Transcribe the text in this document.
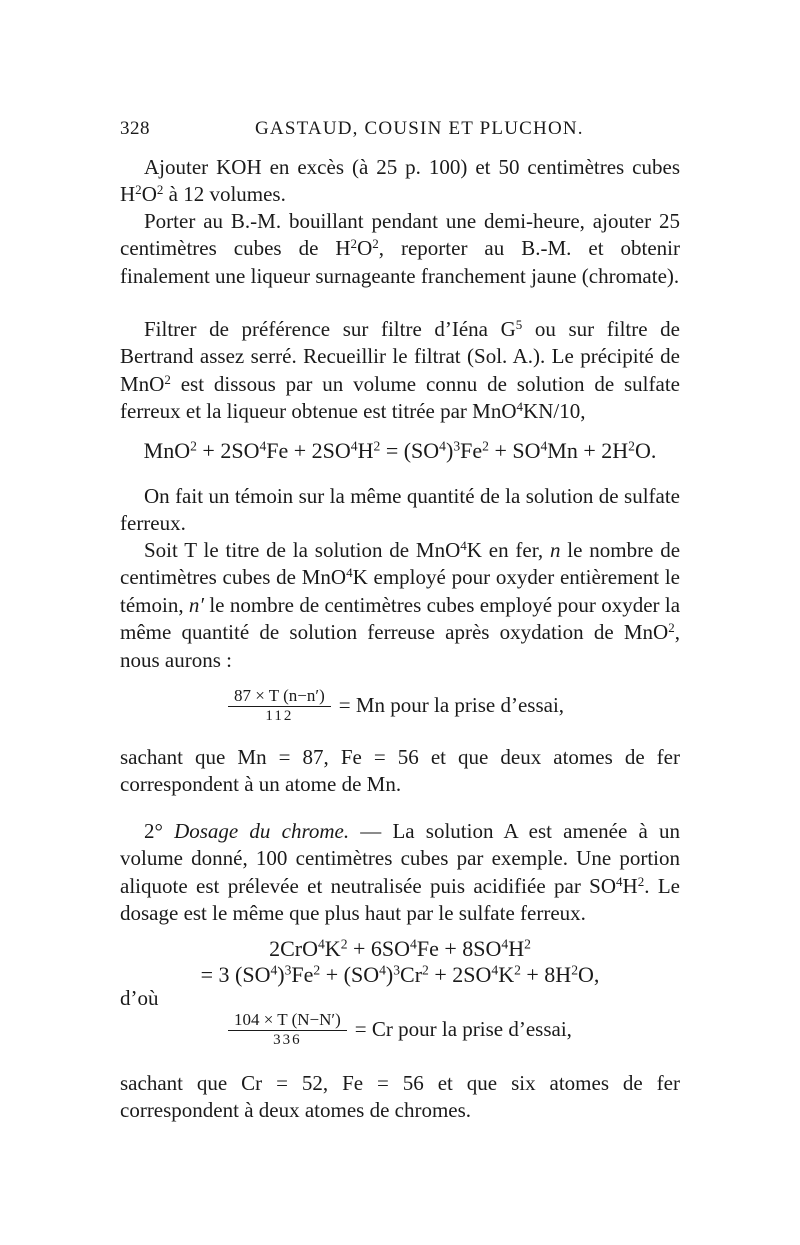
328	GASTAUD, COUSIN ET PLUCHON.

Ajouter KOH en excès (à 25 p. 100) et 50 centimètres cubes $H^2O^2$ à 12 volumes.

Porter au B.-M. bouillant pendant une demi-heure, ajouter 25 centimètres cubes de $H^2O^2$, reporter au B.-M. et obtenir finalement une liqueur surnageante franchement jaune (chromate).

Filtrer de préférence sur filtre d’Iéna $G^5$ ou sur filtre de Bertrand assez serré. Recueillir le filtrat (Sol. A.). Le précipité de MnO$^2$ est dissous par un volume connu de solution de sulfate ferreux et la liqueur obtenue est titrée par MnO$^4$KN/10,

$MnO^2 + 2SO^4Fe + 2SO^4H^2 = (SO^4)^3Fe^2 + SO^4Mn + 2H^2O$.

On fait un témoin sur la même quantité de la solution de sulfate ferreux.

Soit T le titre de la solution de MnO$^4$K en fer, n le nombre de centimètres cubes de MnO$^4$K employé pour oxyder entièrement le témoin, n′ le nombre de centimètres cubes employé pour oxyder la même quantité de solution ferreuse après oxydation de MnO$^2$, nous aurons :

$\frac{87 \times T (n-n')}{112} = Mn$ pour la prise d’essai,

sachant que Mn = 87, Fe = 56 et que deux atomes de fer correspondent à un atome de Mn.

2° Dosage du chrome. — La solution A est amenée à un volume donné, 100 centimètres cubes par exemple. Une portion aliquote est prélevée et neutralisée puis acidifiée par $SO^4H^2$. Le dosage est le même que plus haut par le sulfate ferreux.

$2CrO^4K^2 + 6SO^4Fe + 8SO^4H^2$
= 3 $(SO^4)^3Fe^2 + (SO^4)^3Cr^2 + 2SO^4K^2 + 8H^2O$,
d’où
$\frac{104 \times T (N-N')}{336} = Cr$ pour la prise d’essai,

sachant que Cr = 52, Fe = 56 et que six atomes de fer correspondent à deux atomes de chromes.
